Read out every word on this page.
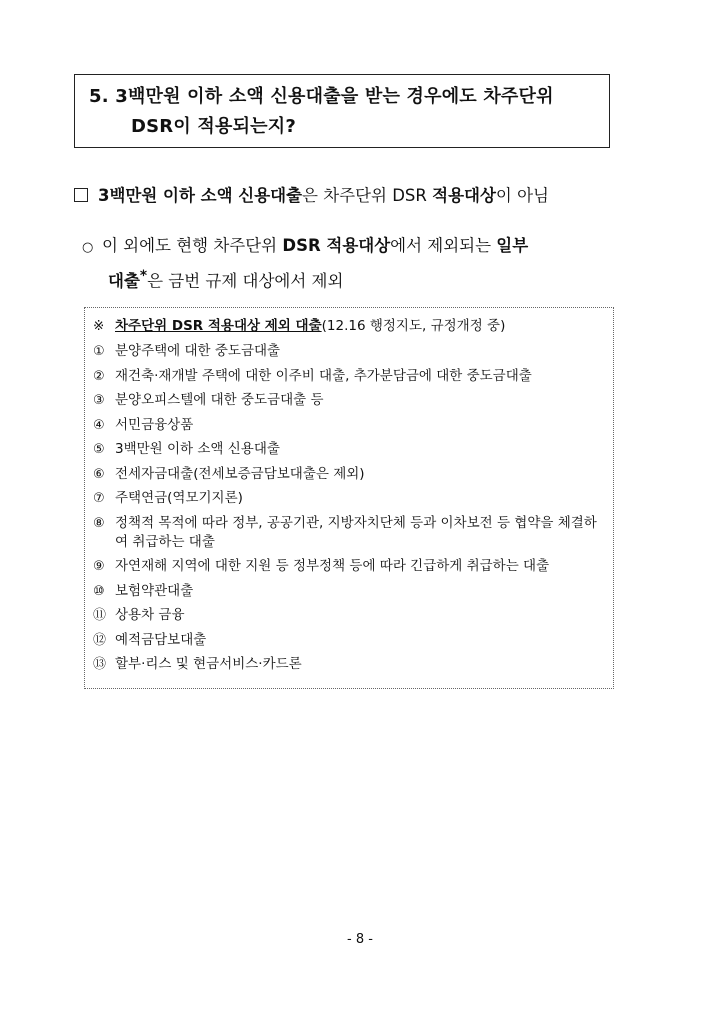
5. 3백만원 이하 소액 신용대출을 받는 경우에도 차주단위
DSR이 적용되는지?
3백만원 이하 소액 신용대출은 차주단위 DSR 적용대상이 아님
○ 이 외에도 현행 차주단위 DSR 적용대상에서 제외되는 일부
대출*은 금번 규제 대상에서 제외
※ 차주단위 DSR 적용대상 제외 대출(12.16 행정지도, 규정개정 중)
① 분양주택에 대한 중도금대출
② 재건축·재개발 주택에 대한 이주비 대출, 추가분담금에 대한 중도금대출
③ 분양오피스텔에 대한 중도금대출 등
④ 서민금융상품
⑤ 3백만원 이하 소액 신용대출
⑥ 전세자금대출(전세보증금담보대출은 제외)
⑦ 주택연금(역모기지론)
⑧ 정책적 목적에 따라 정부, 공공기관, 지방자치단체 등과 이차보전 등 협약을 체결하여 취급하는 대출
⑨ 자연재해 지역에 대한 지원 등 정부정책 등에 따라 긴급하게 취급하는 대출
⑩ 보험약관대출
⑪ 상용차 금융
⑫ 예적금담보대출
⑬ 할부·리스 및 현금서비스·카드론
- 8 -
